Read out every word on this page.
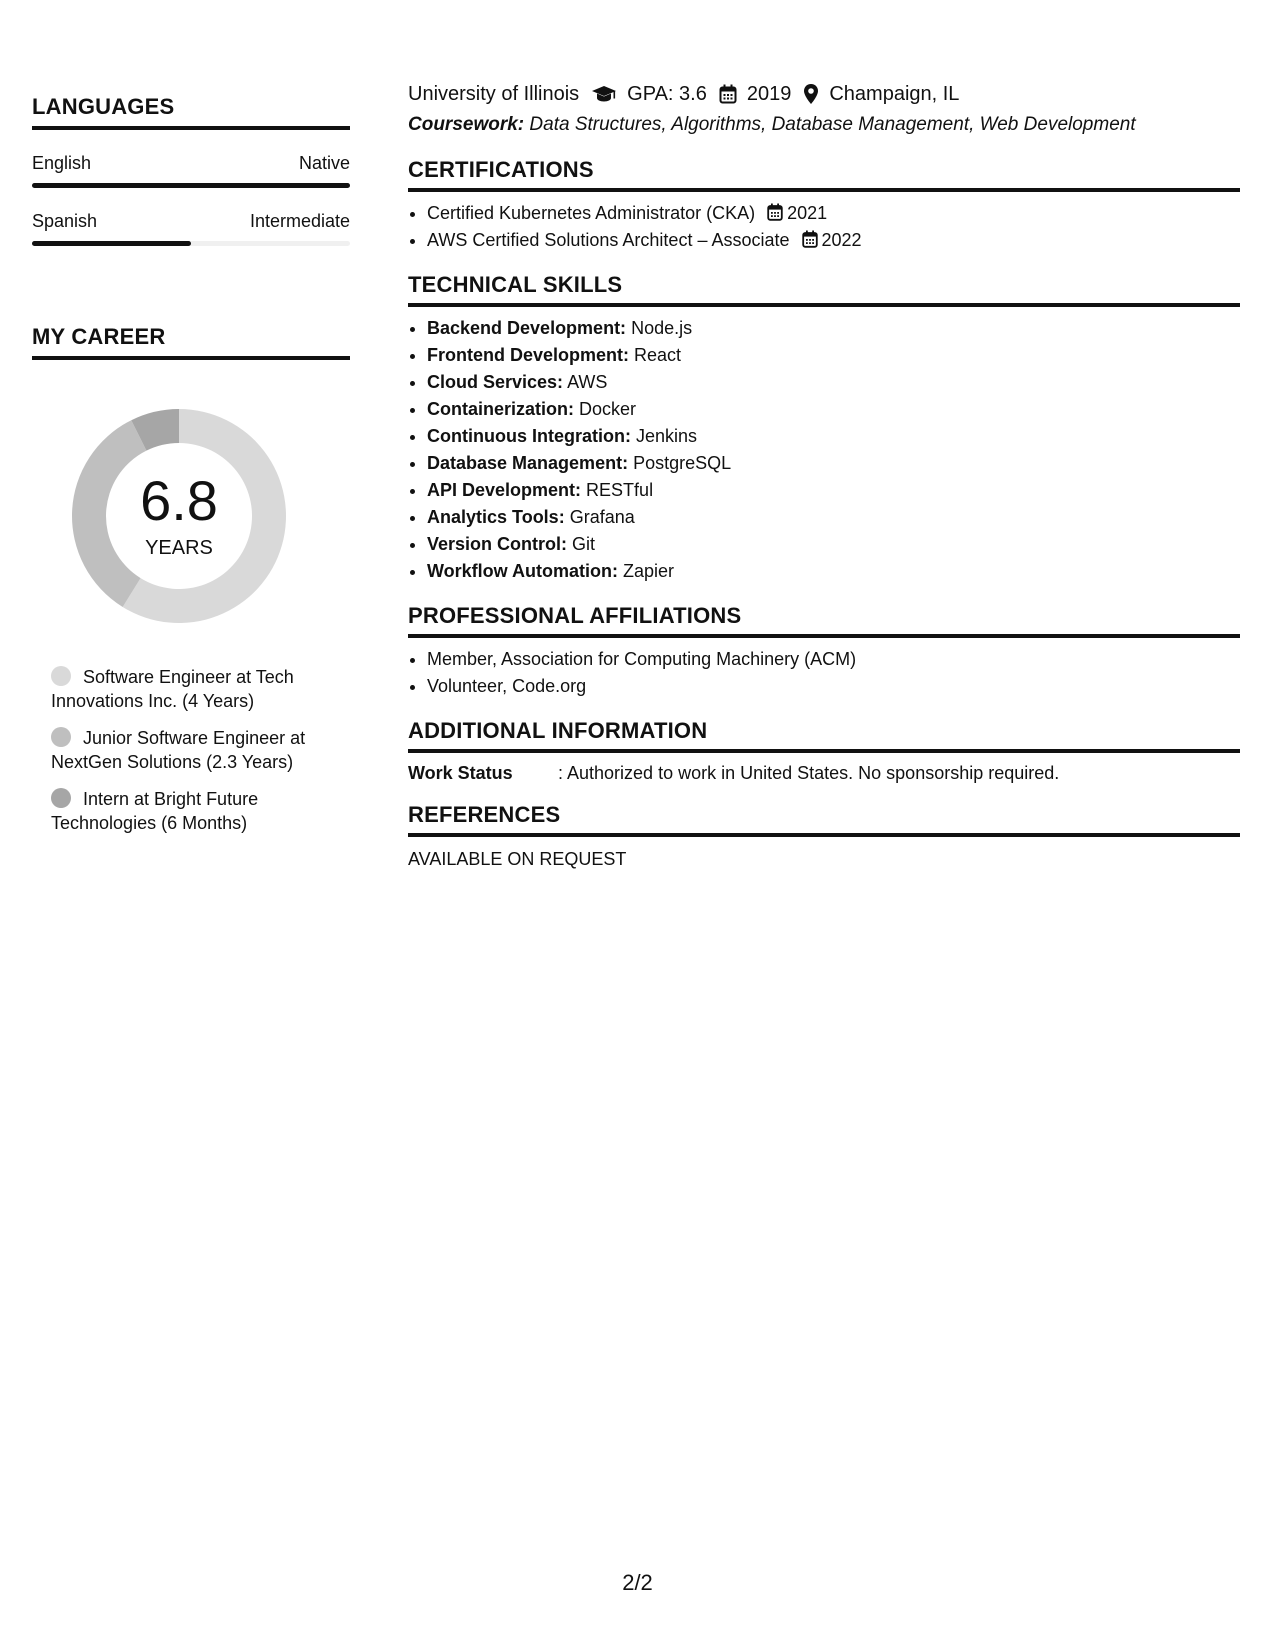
LANGUAGES
English	Native
Spanish	Intermediate
MY CAREER
6.8
YEARS
Software Engineer at Tech Innovations Inc. (4 Years)
Junior Software Engineer at NextGen Solutions (2.3 Years)
Intern at Bright Future Technologies (6 Months)
University of Illinois GPA: 3.6 2019 Champaign, IL
Coursework: Data Structures, Algorithms, Database Management, Web Development
CERTIFICATIONS
• Certified Kubernetes Administrator (CKA) 2021
• AWS Certified Solutions Architect – Associate 2022
TECHNICAL SKILLS
• Backend Development: Node.js
• Frontend Development: React
• Cloud Services: AWS
• Containerization: Docker
• Continuous Integration: Jenkins
• Database Management: PostgreSQL
• API Development: RESTful
• Analytics Tools: Grafana
• Version Control: Git
• Workflow Automation: Zapier
PROFESSIONAL AFFILIATIONS
• Member, Association for Computing Machinery (ACM)
• Volunteer, Code.org
ADDITIONAL INFORMATION
Work Status	: Authorized to work in United States. No sponsorship required.
REFERENCES
AVAILABLE ON REQUEST
2/2
